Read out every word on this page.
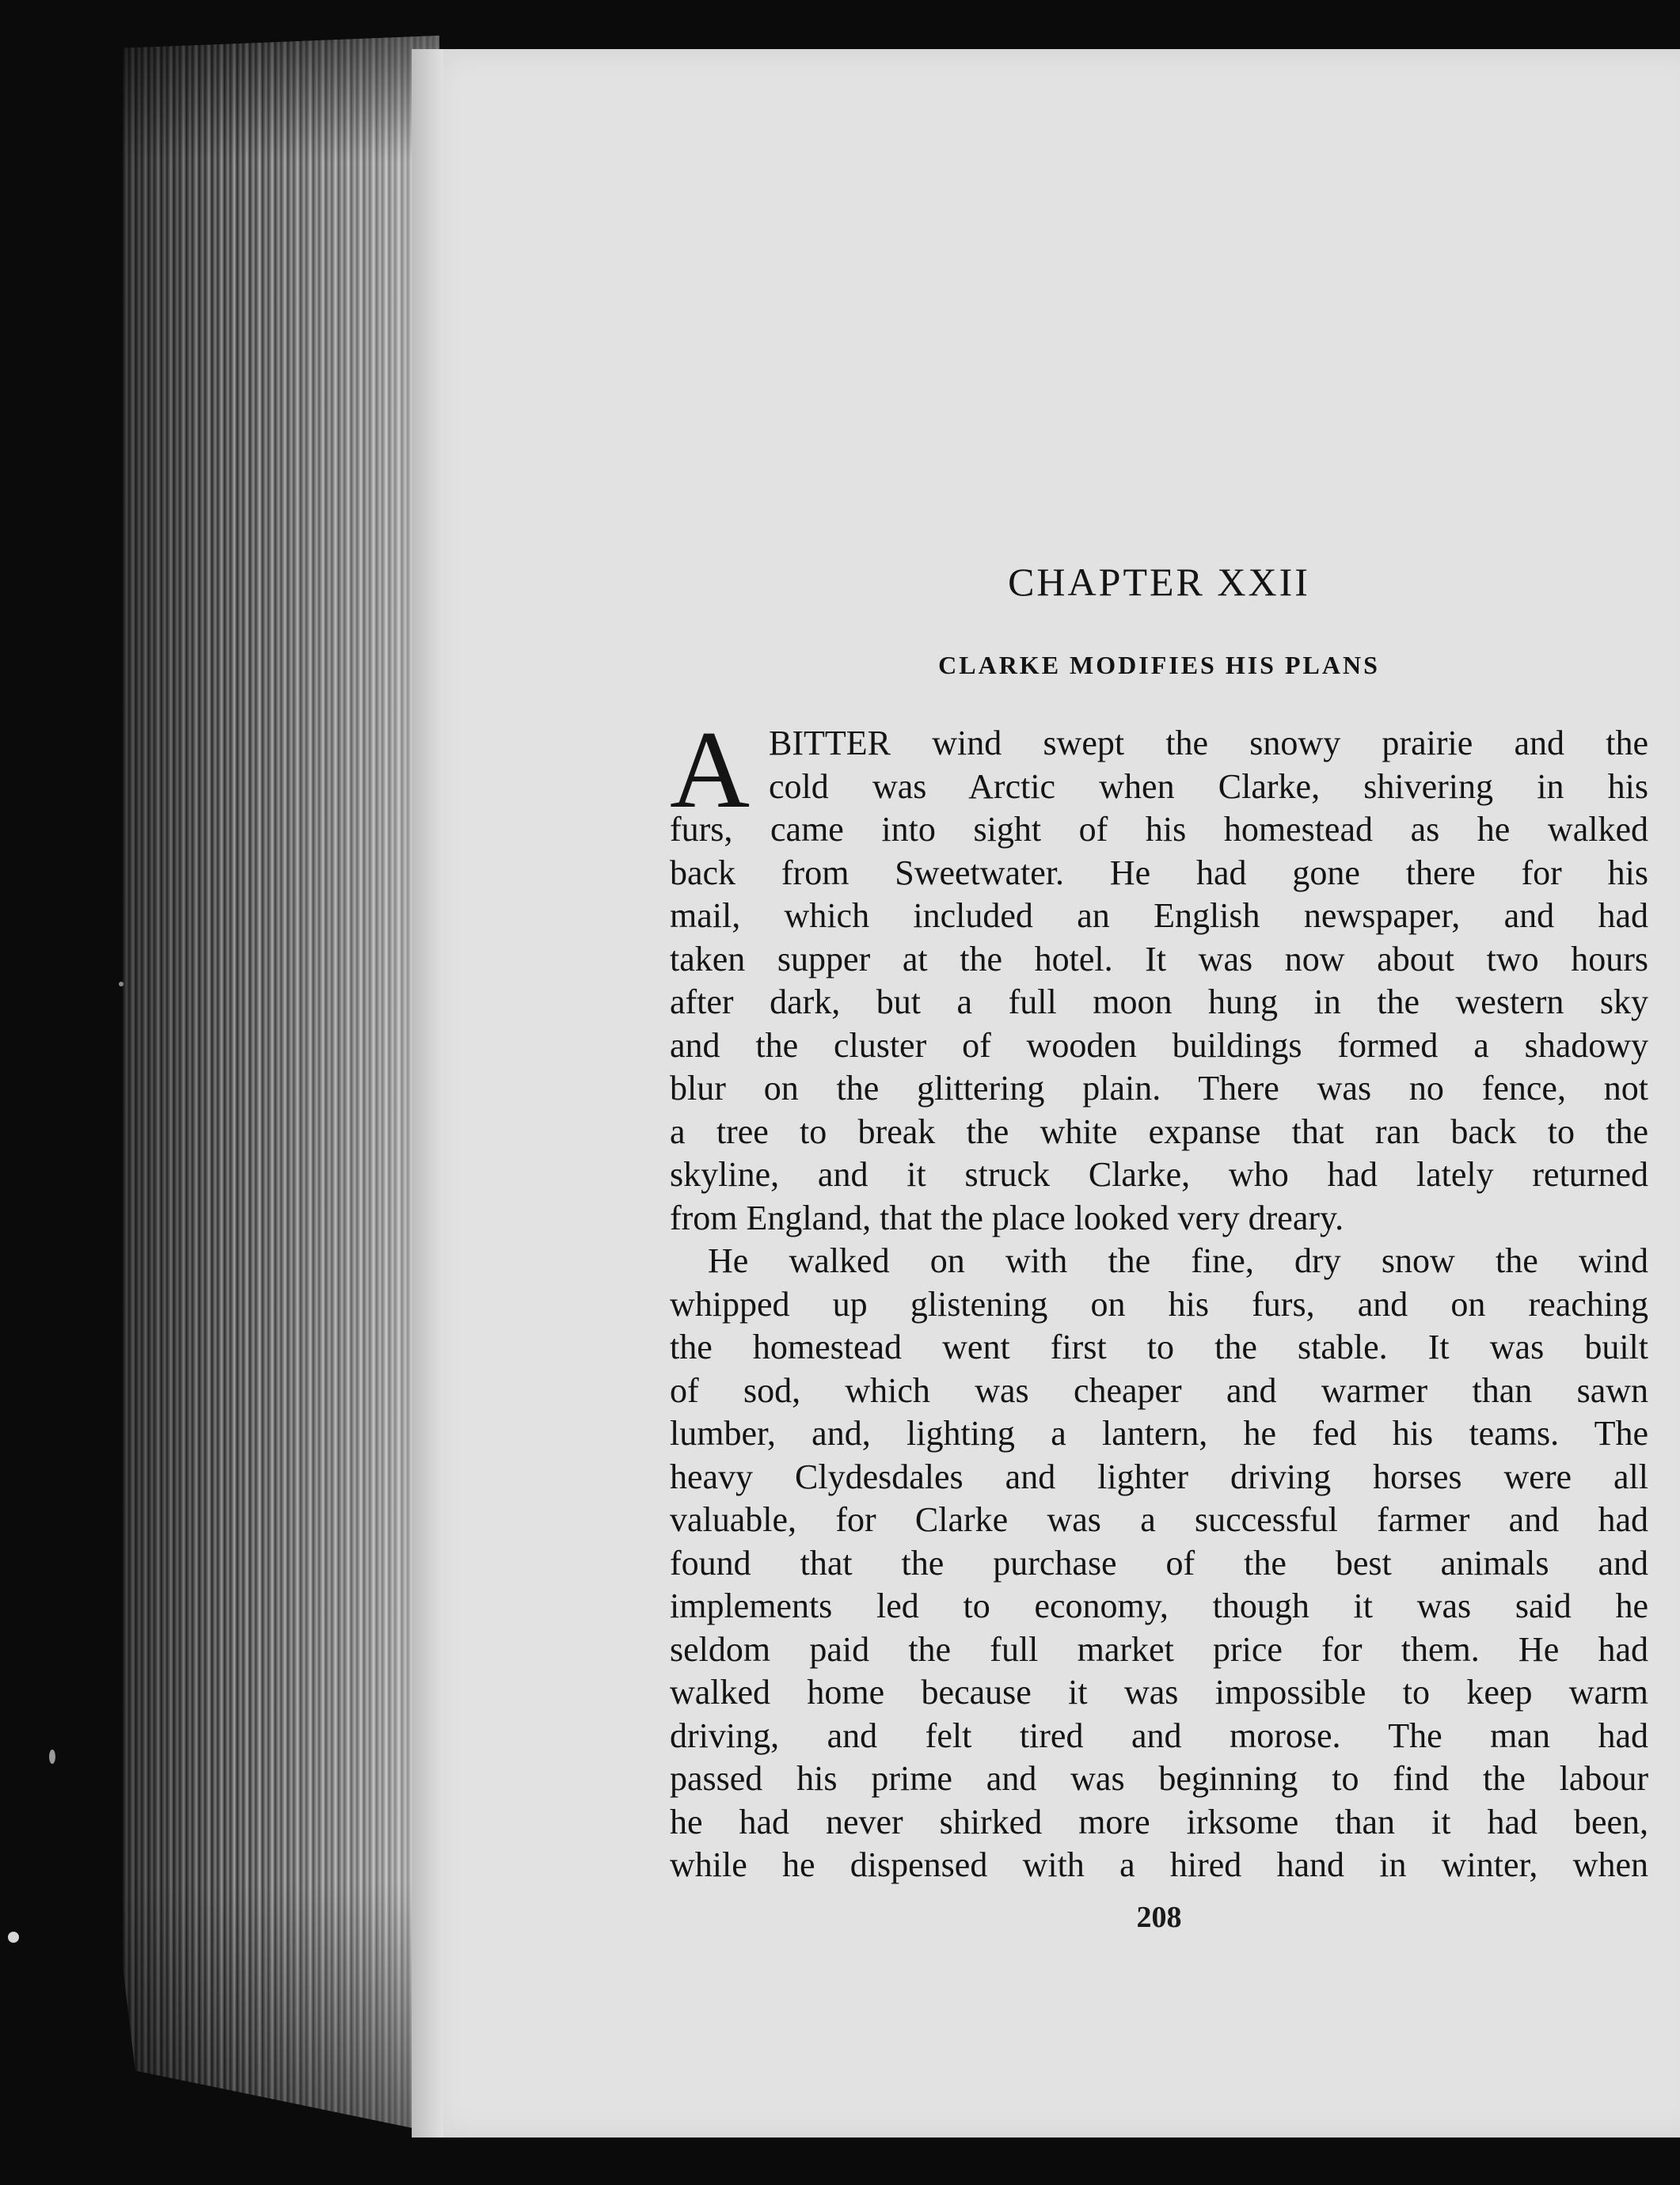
CHAPTER XXII
CLARKE MODIFIES HIS PLANS
A BITTER wind swept the snowy prairie and the
cold was Arctic when Clarke, shivering in his
furs, came into sight of his homestead as he walked
back from Sweetwater. He had gone there for his
mail, which included an English newspaper, and had
taken supper at the hotel. It was now about two hours
after dark, but a full moon hung in the western sky
and the cluster of wooden buildings formed a shadowy
blur on the glittering plain. There was no fence, not
a tree to break the white expanse that ran back to the
skyline, and it struck Clarke, who had lately returned
from England, that the place looked very dreary.
He walked on with the fine, dry snow the wind
whipped up glistening on his furs, and on reaching
the homestead went first to the stable. It was built
of sod, which was cheaper and warmer than sawn
lumber, and, lighting a lantern, he fed his teams. The
heavy Clydesdales and lighter driving horses were all
valuable, for Clarke was a successful farmer and had
found that the purchase of the best animals and
implements led to economy, though it was said he
seldom paid the full market price for them. He had
walked home because it was impossible to keep warm
driving, and felt tired and morose. The man had
passed his prime and was beginning to find the labour
he had never shirked more irksome than it had been,
while he dispensed with a hired hand in winter, when
208
